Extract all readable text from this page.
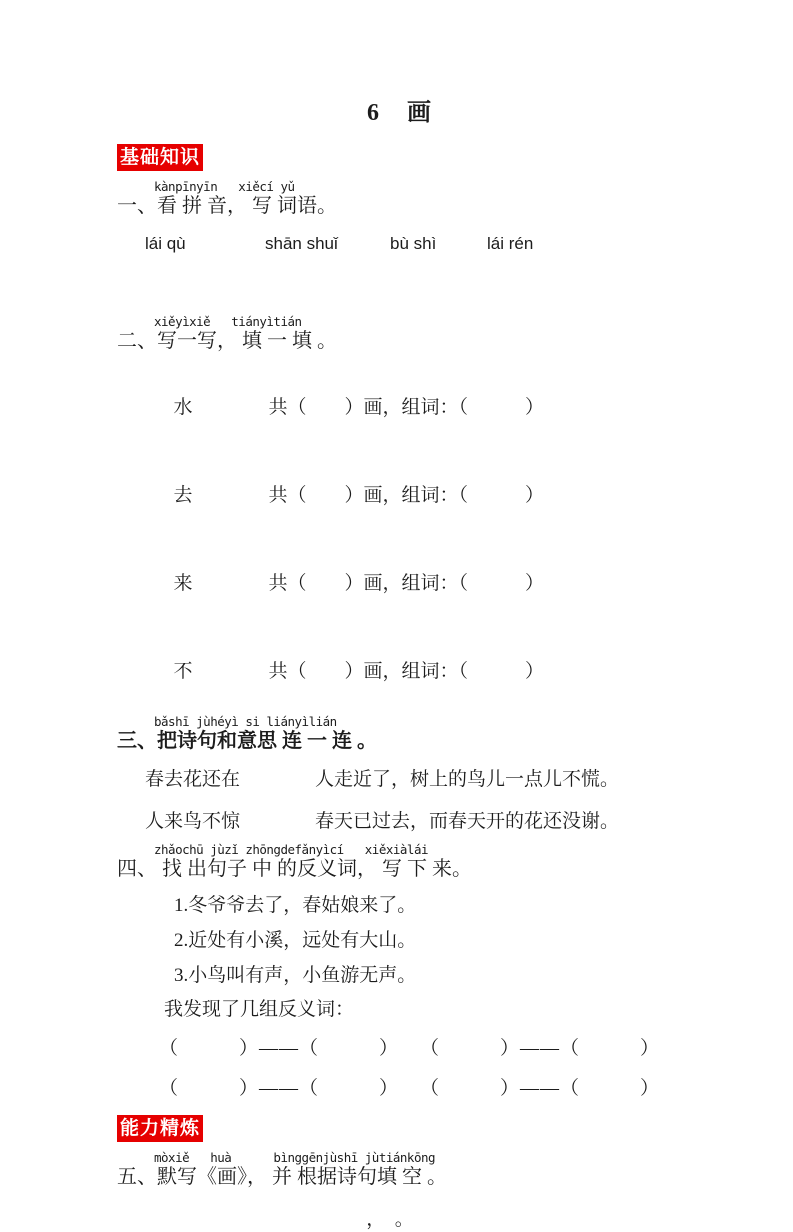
6　画
基础知识
kànpīnyīn   xiěcí yǔ
一、看 拼 音， 写 词语。
lái qù	shān shuǐ	bù shì	lái rén
xiěyìxiě   tiányìtián
二、写一写， 填 一 填 。

水	共（　　）画，组词：（　　　）

去	共（　　）画，组词：（　　　）

来	共（　　）画，组词：（　　　）

不	共（　　）画，组词：（　　　）

bǎshī jùhéyì si liányìlián
三、把诗句和意思 连 一 连 。
春去花还在	人走近了，树上的鸟儿一点儿不慌。
人来鸟不惊	春天已过去，而春天开的花还没谢。
zhǎochū jùzǐ zhōngdefǎnyìcí   xiěxiàlái
四、 找 出句子 中 的反义词， 写 下 来。
1.冬爷爷去了，春姑娘来了。
2.近处有小溪，远处有大山。
3.小鸟叫有声，小鱼游无声。
我发现了几组反义词：
（　　　）——（　　　）　　（　　　）——（　　　）
（　　　）——（　　　）　　（　　　）——（　　　）
能力精炼
mòxiě   huà      bìnggēnjùshī jùtiánkōng
五、默写《画》， 并 根据诗句填 空 。
，　。
